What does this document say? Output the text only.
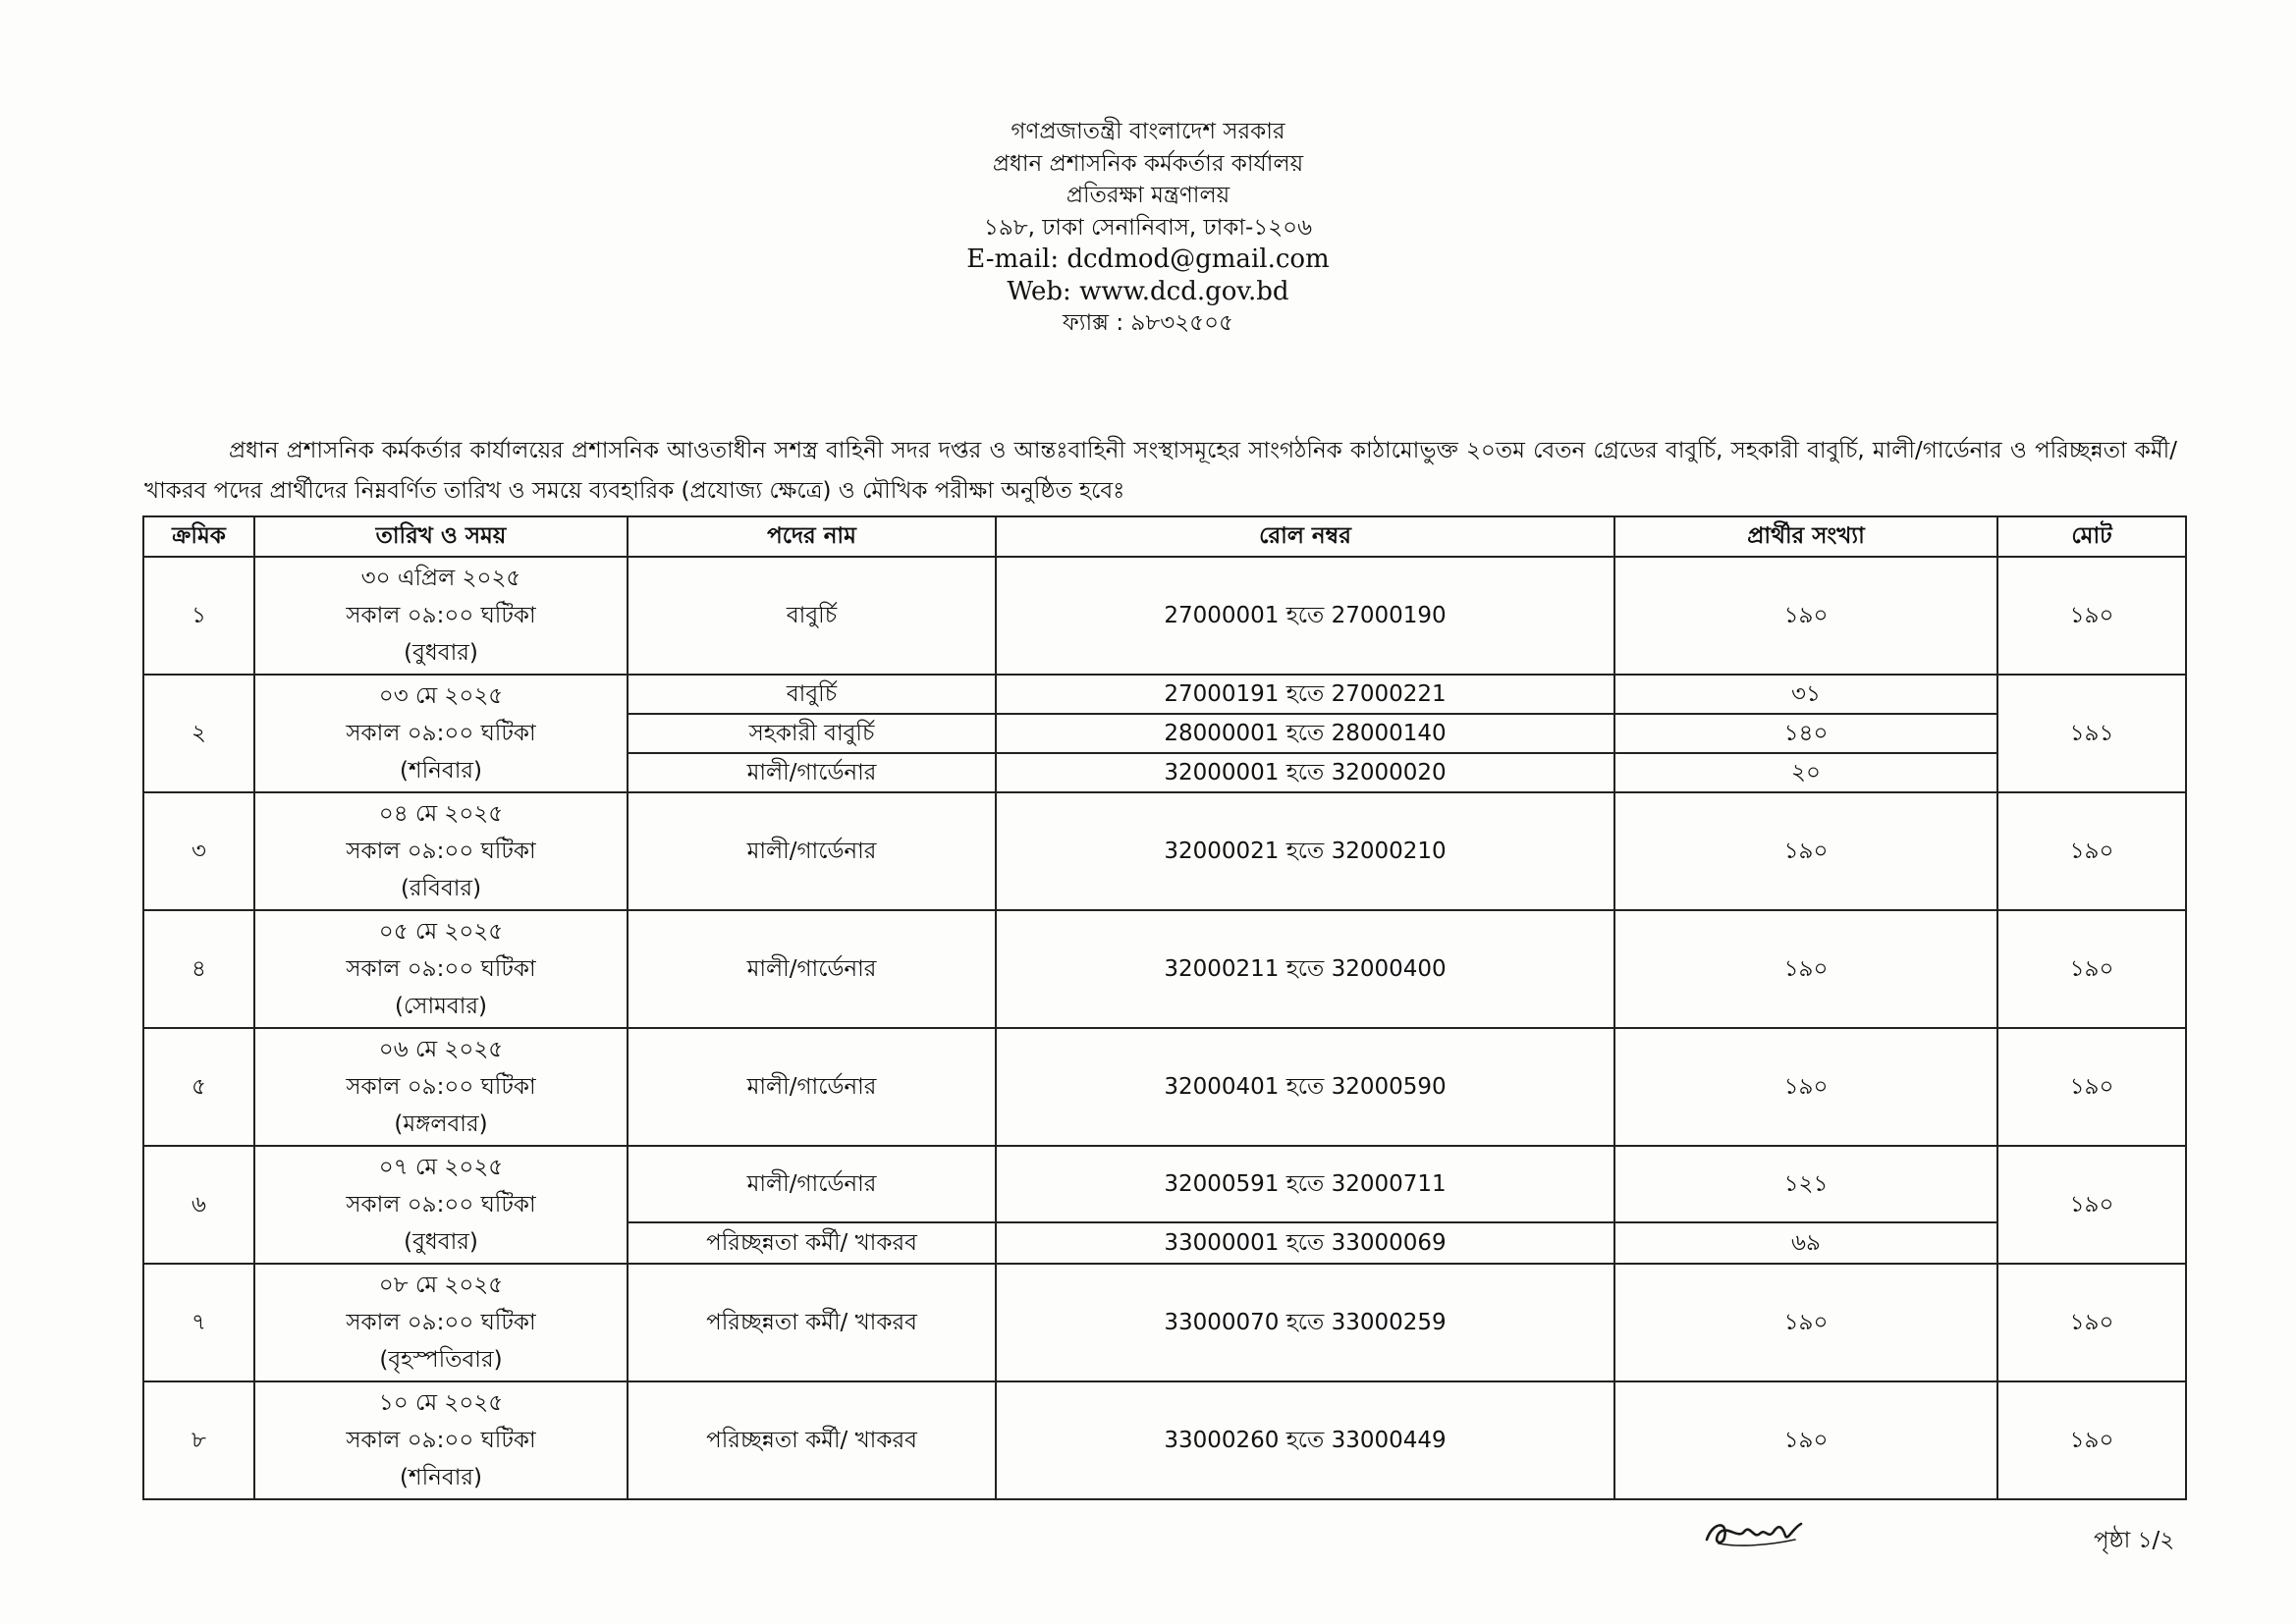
গণপ্রজাতন্ত্রী বাংলাদেশ সরকার
প্রধান প্রশাসনিক কর্মকর্তার কার্যালয়
প্রতিরক্ষা মন্ত্রণালয়
১৯৮, ঢাকা সেনানিবাস, ঢাকা-১২০৬
E-mail: dcdmod@gmail.com
Web: www.dcd.gov.bd
ফ্যাক্স : ৯৮৩২৫০৫

প্রধান প্রশাসনিক কর্মকর্তার কার্যালয়ের প্রশাসনিক আওতাধীন সশস্ত্র বাহিনী সদর দপ্তর ও আন্তঃবাহিনী সংস্থাসমূহের সাংগঠনিক কাঠামোভুক্ত ২০তম বেতন গ্রেডের বাবুর্চি, সহকারী বাবুর্চি, মালী/গার্ডেনার ও পরিচ্ছন্নতা কর্মী/খাকরব পদের প্রার্থীদের নিম্নবর্ণিত তারিখ ও সময়ে ব্যবহারিক (প্রযোজ্য ক্ষেত্রে) ও মৌখিক পরীক্ষা অনুষ্ঠিত হবেঃ

ক্রমিক	তারিখ ও সময়	পদের নাম	রোল নম্বর	প্রার্থীর সংখ্যা	মোট
১	৩০ এপ্রিল ২০২৫
সকাল ০৯:০০ ঘটিকা
(বুধবার)	বাবুর্চি	27000001 হতে 27000190	১৯০	১৯০
২	০৩ মে ২০২৫
সকাল ০৯:০০ ঘটিকা
(শনিবার)	বাবুর্চি	27000191 হতে 27000221	৩১	১৯১
		সহকারী বাবুর্চি	28000001 হতে 28000140	১৪০	
		মালী/গার্ডেনার	32000001 হতে 32000020	২০	
৩	০৪ মে ২০২৫
সকাল ০৯:০০ ঘটিকা
(রবিবার)	মালী/গার্ডেনার	32000021 হতে 32000210	১৯০	১৯০
৪	০৫ মে ২০২৫
সকাল ০৯:০০ ঘটিকা
(সোমবার)	মালী/গার্ডেনার	32000211 হতে 32000400	১৯০	১৯০
৫	০৬ মে ২০২৫
সকাল ০৯:০০ ঘটিকা
(মঙ্গলবার)	মালী/গার্ডেনার	32000401 হতে 32000590	১৯০	১৯০
৬	০৭ মে ২০২৫
সকাল ০৯:০০ ঘটিকা
(বুধবার)	মালী/গার্ডেনার	32000591 হতে 32000711	১২১	১৯০
		পরিচ্ছন্নতা কর্মী/ খাকরব	33000001 হতে 33000069	৬৯	
৭	০৮ মে ২০২৫
সকাল ০৯:০০ ঘটিকা
(বৃহস্পতিবার)	পরিচ্ছন্নতা কর্মী/ খাকরব	33000070 হতে 33000259	১৯০	১৯০
৮	১০ মে ২০২৫
সকাল ০৯:০০ ঘটিকা
(শনিবার)	পরিচ্ছন্নতা কর্মী/ খাকরব	33000260 হতে 33000449	১৯০	১৯০
পৃষ্ঠা ১/২
